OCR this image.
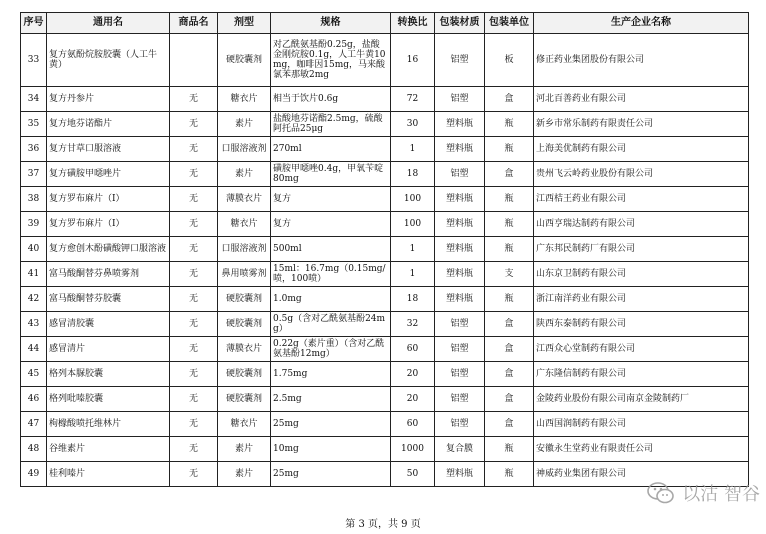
序号	通用名	商品名	剂型	规格	转换比	包装材质	包装单位	生产企业名称
33	复方氨酚烷胺胶囊（人工牛黄）		硬胶囊剂	对乙酰氨基酚0.25g，盐酸金刚烷胺0.1g，人工牛黄10mg，咖啡因15mg，马来酸氯苯那敏2mg	16	铝塑	板	修正药业集团股份有限公司
34	复方丹参片	无	糖衣片	相当于饮片0.6g	72	铝塑	盒	河北百善药业有限公司
35	复方地芬诺酯片	无	素片	盐酸地芬诺酯2.5mg，硫酸阿托品25μg	30	塑料瓶	瓶	新乡市常乐制药有限责任公司
36	复方甘草口服溶液	无	口服溶液剂	270ml	1	塑料瓶	瓶	上海美优制药有限公司
37	复方磺胺甲噁唑片	无	素片	磺胺甲噁唑0.4g，甲氧苄啶80mg	18	铝塑	盒	贵州飞云岭药业股份有限公司
38	复方罗布麻片（I）	无	薄膜衣片	复方	100	塑料瓶	瓶	江西桔王药业有限公司
39	复方罗布麻片（I）	无	糖衣片	复方	100	塑料瓶	瓶	山西亨瑞达制药有限公司
40	复方愈创木酚磺酸钾口服溶液	无	口服溶液剂	500ml	1	塑料瓶	瓶	广东邦民制药厂有限公司
41	富马酸酮替芬鼻喷雾剂	无	鼻用喷雾剂	15ml：16.7mg（0.15mg/喷，100喷）	1	塑料瓶	支	山东京卫制药有限公司
42	富马酸酮替芬胶囊	无	硬胶囊剂	1.0mg	18	塑料瓶	瓶	浙江南洋药业有限公司
43	感冒清胶囊	无	硬胶囊剂	0.5g（含对乙酰氨基酚24mg）	32	铝塑	盒	陕西东泰制药有限公司
44	感冒清片	无	薄膜衣片	0.22g（素片重）（含对乙酰氨基酚12mg）	60	铝塑	盒	江西众心堂制药有限公司
45	格列本脲胶囊	无	硬胶囊剂	1.75mg	20	铝塑	盒	广东隆信制药有限公司
46	格列吡嗪胶囊	无	硬胶囊剂	2.5mg	20	铝塑	盒	金陵药业股份有限公司南京金陵制药厂
47	枸橼酸喷托维林片	无	糖衣片	25mg	60	铝塑	盒	山西国润制药有限公司
48	谷维素片	无	素片	10mg	1000	复合膜	瓶	安徽永生堂药业有限责任公司
49	桂利嗪片	无	素片	25mg	50	塑料瓶	瓶	神威药业集团有限公司
以沽 智谷
第 3 页，共 9 页
